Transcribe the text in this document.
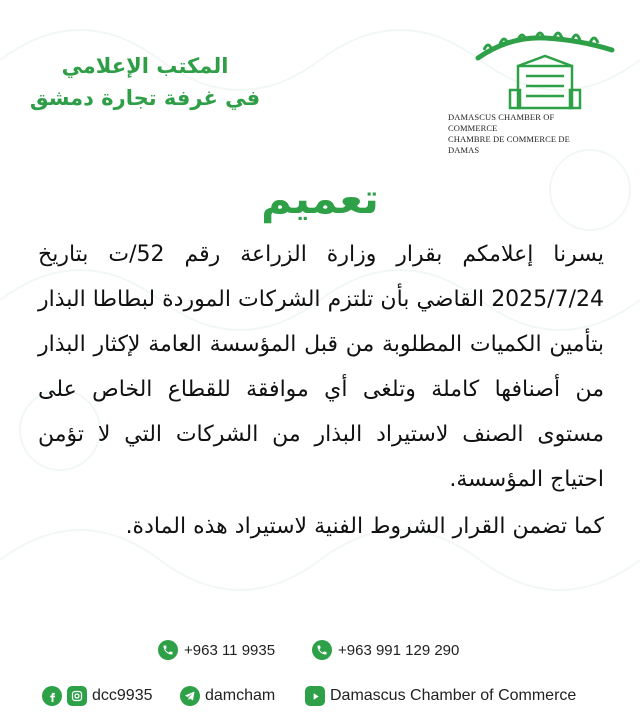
المكتب الإعلامي
في غرفة تجارة دمشق
DAMASCUS CHAMBER OF COMMERCE
CHAMBRE DE COMMERCE DE DAMAS
تعميم

يسرنا إعلامكم بقرار وزارة الزراعة رقم 52/ت بتاريخ 2025/7/24 القاضي بأن تلتزم الشركات الموردة لبطاطا البذار بتأمين الكميات المطلوبة من قبل المؤسسة العامة لإكثار البذار من أصنافها كاملة وتلغى أي موافقة للقطاع الخاص على مستوى الصنف لاستيراد البذار من الشركات التي لا تؤمن احتياج المؤسسة.

كما تضمن القرار الشروط الفنية لاستيراد هذه المادة.

+963 11 9935	+963 991 129 290
dcc9935	damcham	Damascus Chamber of Commerce
